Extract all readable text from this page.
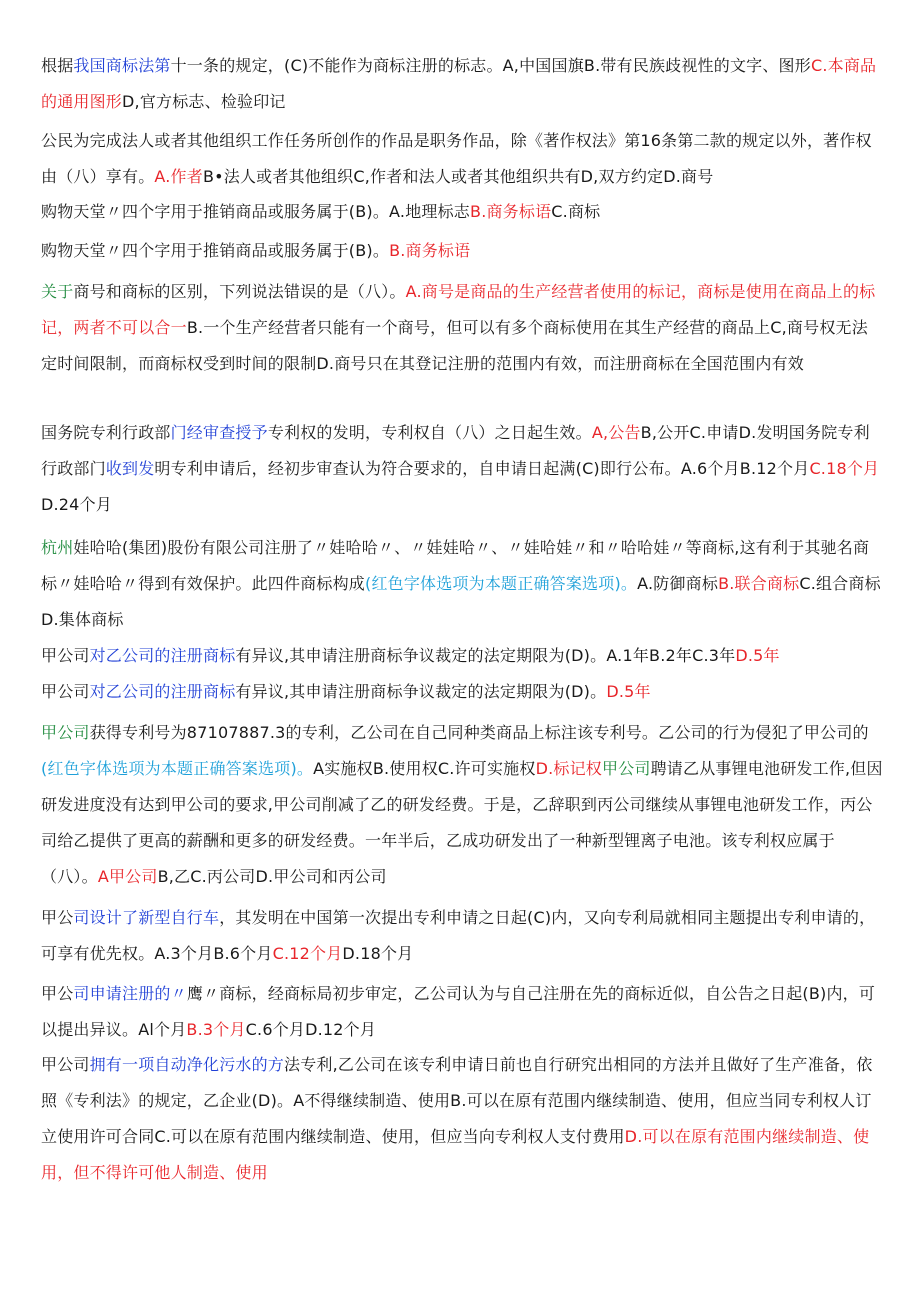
根据我国商标法第十一条的规定，(C)不能作为商标注册的标志。A,中国国旗B.带有民族歧视性的文字、图形C.本商品的通用图形D,官方标志、检验印记

公民为完成法人或者其他组织工作任务所创作的作品是职务作品，除《著作权法》第16条第二款的规定以外，著作权由（八）享有。A.作者B•法人或者其他组织C,作者和法人或者其他组织共有D,双方约定D.商号

购物天堂〃四个字用于推销商品或服务属于(B)。A.地理标志B.商务标语C.商标

购物天堂〃四个字用于推销商品或服务属于(B)。B.商务标语

关于商号和商标的区别，下列说法错误的是（八）。A.商号是商品的生产经营者使用的标记，商标是使用在商品上的标记，两者不可以合一B.一个生产经营者只能有一个商号，但可以有多个商标使用在其生产经营的商品上C,商号权无法定时间限制，而商标权受到时间的限制D.商号只在其登记注册的范围内有效，而注册商标在全国范围内有效

国务院专利行政部门经审查授予专利权的发明，专利权自（八）之日起生效。A,公告B,公开C.申请D.发明国务院专利行政部门收到发明专利申请后，经初步审查认为符合要求的，自申请日起满(C)即行公布。A.6个月B.12个月C.18个月D.24个月

杭州娃哈哈(集团)股份有限公司注册了〃娃哈哈〃、〃娃娃哈〃、〃娃哈娃〃和〃哈哈娃〃等商标,这有利于其驰名商标〃娃哈哈〃得到有效保护。此四件商标构成(红色字体选项为本题正确答案选项)。A.防御商标B.联合商标C.组合商标D.集体商标

甲公司对乙公司的注册商标有异议,其申请注册商标争议裁定的法定期限为(D)。A.1年B.2年C.3年D.5年

甲公司对乙公司的注册商标有异议,其申请注册商标争议裁定的法定期限为(D)。D.5年

甲公司获得专利号为87107887.3的专利，乙公司在自己同种类商品上标注该专利号。乙公司的行为侵犯了甲公司的(红色字体选项为本题正确答案选项)。A实施权B.使用权C.许可实施权D.标记权甲公司聘请乙从事锂电池研发工作,但因研发进度没有达到甲公司的要求,甲公司削减了乙的研发经费。于是，乙辞职到丙公司继续从事锂电池研发工作，丙公司给乙提供了更高的薪酬和更多的研发经费。一年半后，乙成功研发出了一种新型锂离子电池。该专利权应属于（八）。A甲公司B,乙C.丙公司D.甲公司和丙公司

甲公司设计了新型自行车，其发明在中国第一次提出专利申请之日起(C)内，又向专利局就相同主题提出专利申请的，可享有优先权。A.3个月B.6个月C.12个月D.18个月

甲公司申请注册的〃鹰〃商标，经商标局初步审定，乙公司认为与自己注册在先的商标近似，自公告之日起(B)内，可以提出异议。Al个月B.3个月C.6个月D.12个月

甲公司拥有一项自动净化污水的方法专利,乙公司在该专利申请日前也自行研究出相同的方法并且做好了生产准备，依照《专利法》的规定，乙企业(D)。A不得继续制造、使用B.可以在原有范围内继续制造、使用，但应当同专利权人订立使用许可合同C.可以在原有范围内继续制造、使用，但应当向专利权人支付费用D.可以在原有范围内继续制造、使用，但不得许可他人制造、使用
